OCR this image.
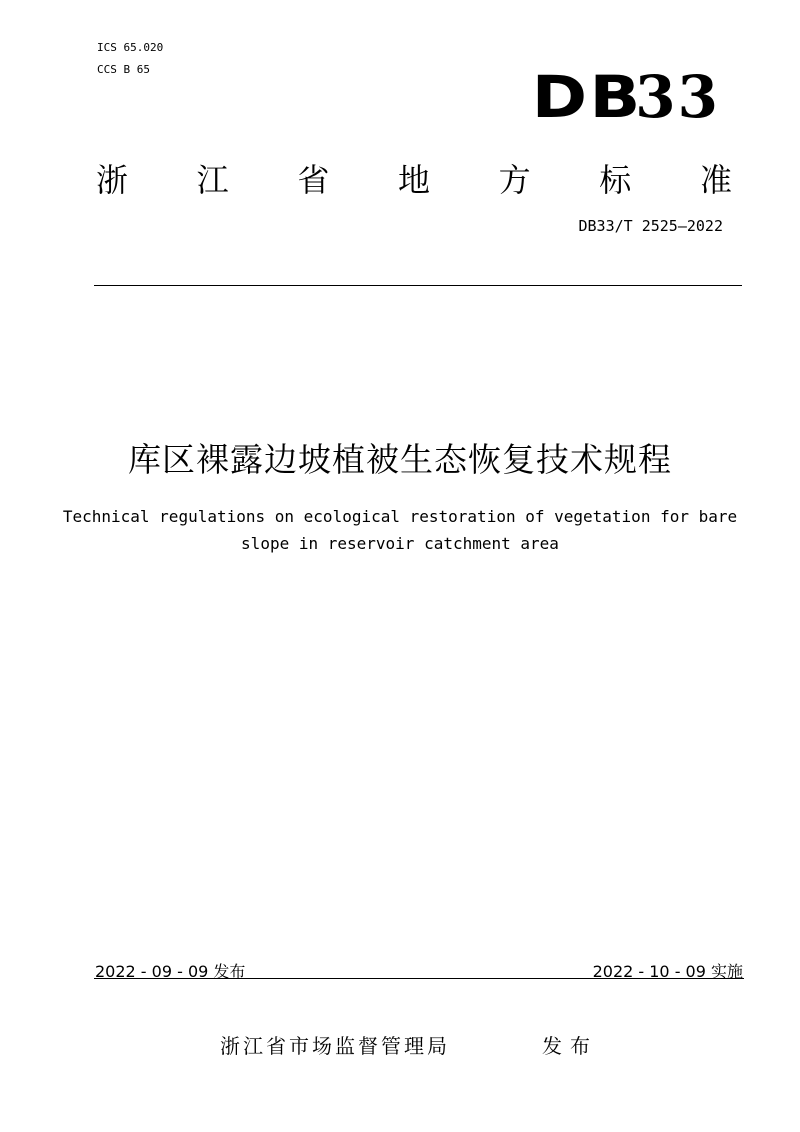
ICS 65.020
CCS B 65	DB33
浙 江 省 地 方 标 准
DB33/T 2525—2022
库区裸露边坡植被生态恢复技术规程
Technical regulations on ecological restoration of vegetation for bare slope in reservoir catchment area
2022 - 09 - 09 发布	2022 - 10 - 09 实施
浙江省市场监督管理局	发布
